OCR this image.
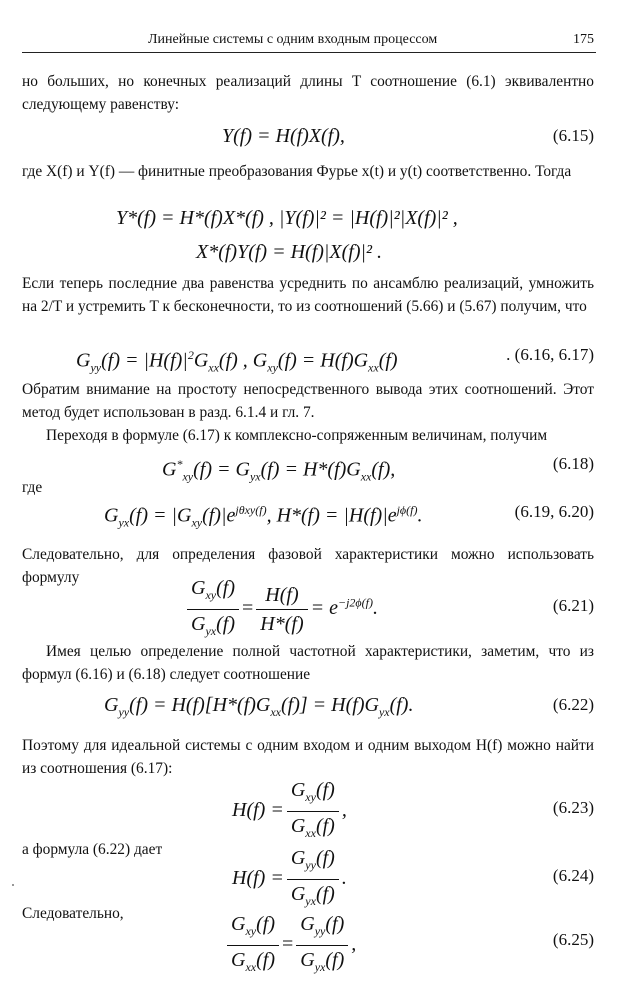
Линейные системы с одним входным процессом	175
но больших, но конечных реализаций длины T соотношение (6.1) эквивалентно следующему равенству:
Y(f) = H(f)X(f),	(6.15)
где X(f) и Y(f) — финитные преобразования Фурье x(t) и y(t) соответственно. Тогда
Y*(f) = H*(f)X*(f) , |Y(f)|² = |H(f)|²|X(f)|² ,
X*(f)Y(f) = H(f)|X(f)|² .
Если теперь последние два равенства усреднить по ансамблю реализаций, умножить на 2/T и устремить T к бесконечности, то из соотношений (5.66) и (5.67) получим, что
$G_{yy}(f) = |H(f)|^2G_{xx}(f)$ , $G_{xy}(f) = H(f)G_{xx}(f)$	. (6.16, 6.17)
Обратим внимание на простоту непосредственного вывода этих соотношений. Этот метод будет использован в разд. 6.1.4 и гл. 7.
Переходя в формуле (6.17) к комплексно-сопряженным величинам, получим
$G^*_{xy}(f) = G_{yx}(f) = H*(f)G_{xx}(f)$,	(6.18)
где
$G_{yx}(f) = |G_{xy}(f)|e^{j\theta xy(f)}$, $H*(f) = |H(f)|e^{j\phi(f)}$.	(6.19, 6.20)
Следовательно, для определения фазовой характеристики можно использовать формулу	$\frac{G_{xy}(f)}{G_{yx}(f)} = \frac{H(f)}{H*(f)} = e^{-j2\phi(f)}$.	(6.21)
Имея целью определение полной частотной характеристики, заметим, что из формул (6.16) и (6.18) следует соотношение
$G_{yy}(f) = H(f)[H*(f)G_{xx}(f)] = H(f)G_{yx}(f)$.	(6.22)
Поэтому для идеальной системы с одним входом и одним выходом H(f) можно найти из соотношения (6.17):
$H(f) = \frac{G_{xy}(f)}{G_{xx}(f)}$ ,	(6.23)
а формула (6.22) дает
$H(f) = \frac{G_{yy}(f)}{G_{yx}(f)}$ .	(6.24)
Следовательно,	$\frac{G_{xy}(f)}{G_{xx}(f)} = \frac{G_{yy}(f)}{G_{yx}(f)}$ ,	(6.25)
